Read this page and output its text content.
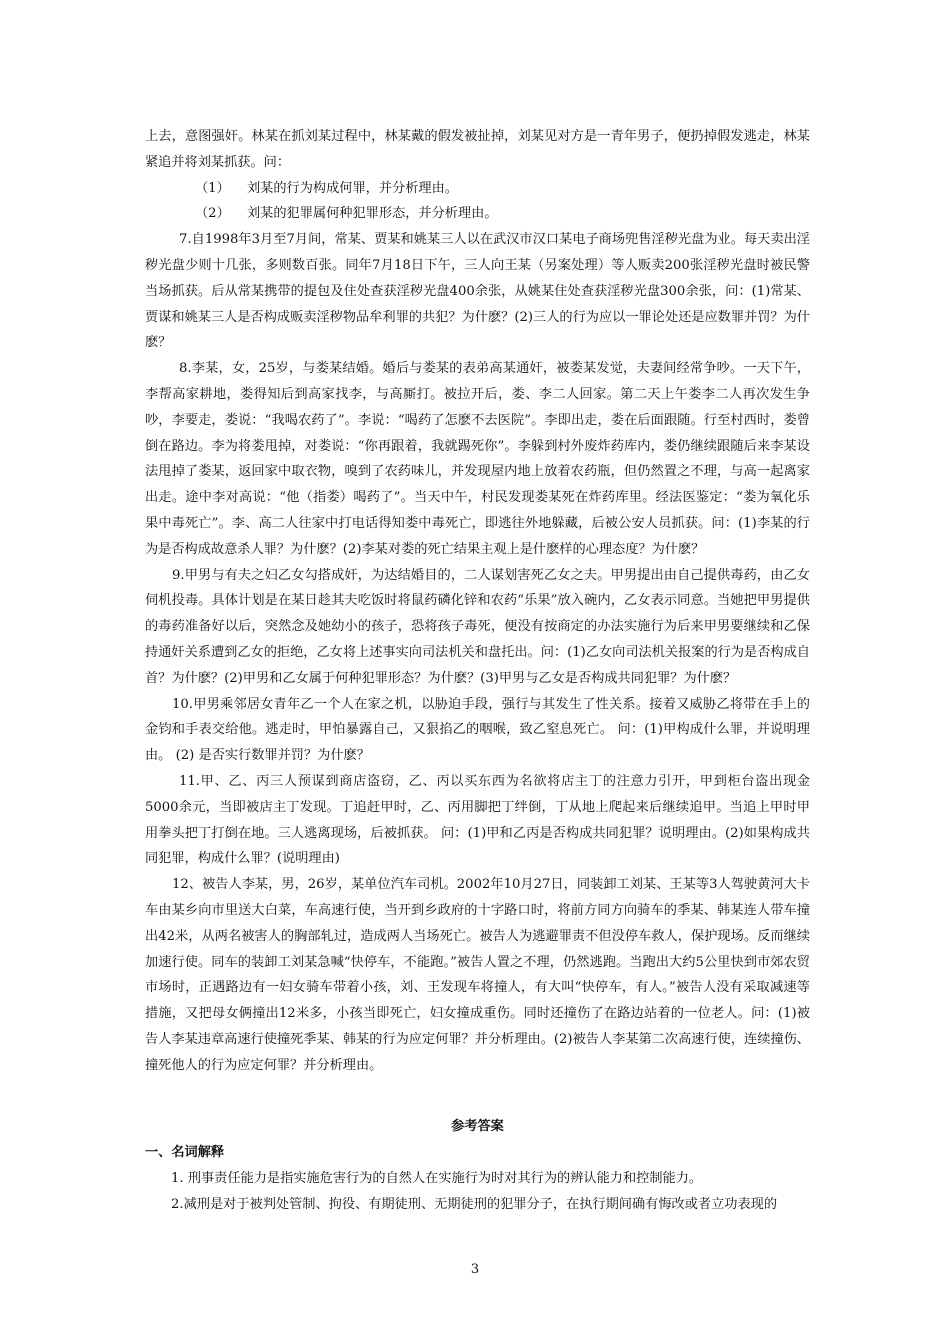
上去，意图强奸。林某在抓刘某过程中，林某戴的假发被扯掉，刘某见对方是一青年男子，便扔掉假发逃走，林某紧追并将刘某抓获。问：

（1） 刘某的行为构成何罪，并分析理由。

（2） 刘某的犯罪属何种犯罪形态，并分析理由。

7.自1998年3月至7月间，常某、贾某和姚某三人以在武汉市汉口某电子商场兜售淫秽光盘为业。每天卖出淫秽光盘少则十几张，多则数百张。同年7月18日下午，三人向王某（另案处理）等人贩卖200张淫秽光盘时被民警当场抓获。后从常某携带的提包及住处查获淫秽光盘400余张，从姚某住处查获淫秽光盘300余张，问：(1)常某、贾谋和姚某三人是否构成贩卖淫秽物品牟利罪的共犯？为什麽？(2)三人的行为应以一罪论处还是应数罪并罚？为什麽？

8.李某，女，25岁，与娄某结婚。婚后与娄某的表弟高某通奸，被娄某发觉，夫妻间经常争吵。一天下午，李帮高家耕地，娄得知后到高家找李，与高厮打。被拉开后，娄、李二人回家。第二天上午娄李二人再次发生争吵，李要走，娄说：“我喝农药了”。李说：“喝药了怎麽不去医院”。李即出走，娄在后面跟随。行至村西时，娄曾倒在路边。李为将娄甩掉，对娄说：“你再跟着，我就踢死你”。李躲到村外废炸药库内，娄仍继续跟随后来李某设法甩掉了娄某，返回家中取衣物，嗅到了农药味儿，并发现屋内地上放着农药瓶，但仍然置之不理，与高一起离家出走。途中李对高说：“他（指娄）喝药了”。当天中午，村民发现娄某死在炸药库里。经法医鉴定：“娄为氧化乐果中毒死亡”。李、高二人往家中打电话得知娄中毒死亡，即逃往外地躲藏，后被公安人员抓获。问：(1)李某的行为是否构成故意杀人罪？为什麽？(2)李某对娄的死亡结果主观上是什麽样的心理态度？为什麽？

9.甲男与有夫之妇乙女勾搭成奸，为达结婚目的，二人谋划害死乙女之夫。甲男提出由自己提供毒药，由乙女伺机投毒。具体计划是在某日趁其夫吃饭时将鼠药磷化锌和农药“乐果”放入碗内，乙女表示同意。当她把甲男提供的毒药准备好以后，突然念及她幼小的孩子，恐将孩子毒死，便没有按商定的办法实施行为后来甲男要继续和乙保持通奸关系遭到乙女的拒绝，乙女将上述事实向司法机关和盘托出。问：(1)乙女向司法机关报案的行为是否构成自首？为什麽？(2)甲男和乙女属于何种犯罪形态？为什麽？(3)甲男与乙女是否构成共同犯罪？为什麽？

10.甲男乘邻居女青年乙一个人在家之机，以胁迫手段，强行与其发生了性关系。接着又威胁乙将带在手上的金钧和手表交给他。逃走时，甲怕暴露自己，又狠掐乙的咽喉，致乙窒息死亡。 问：(1)甲构成什么罪，并说明理由。 (2) 是否实行数罪并罚？为什麽？

11.甲、乙、丙三人预谋到商店盗窃，乙、丙以买东西为名欲将店主丁的注意力引开，甲到柜台盗出现金5000余元，当即被店主丁发现。丁追赶甲时，乙、丙用脚把丁绊倒，丁从地上爬起来后继续追甲。当追上甲时甲用拳头把丁打倒在地。三人逃离现场，后被抓获。 问：(1)甲和乙丙是否构成共同犯罪？说明理由。(2)如果构成共同犯罪，构成什么罪？(说明理由)

12、被告人李某，男，26岁，某单位汽车司机。2002年10月27日，同装卸工刘某、王某等3人驾驶黄河大卡车由某乡向市里送大白菜，车高速行使，当开到乡政府的十字路口时，将前方同方向骑车的季某、韩某连人带车撞出42米，从两名被害人的胸部轧过，造成两人当场死亡。被告人为逃避罪责不但没停车救人，保护现场。反而继续加速行使。同车的装卸工刘某急喊“快停车，不能跑。”被告人置之不理，仍然逃跑。当跑出大约5公里快到市郊农贸市场时，正遇路边有一妇女骑车带着小孩，刘、王发现车将撞人，有大叫“快停车，有人。”被告人没有采取减速等措施，又把母女俩撞出12米多，小孩当即死亡，妇女撞成重伤。同时还撞伤了在路边站着的一位老人。问：(1)被告人李某违章高速行使撞死季某、韩某的行为应定何罪？并分析理由。(2)被告人李某第二次高速行使，连续撞伤、撞死他人的行为应定何罪？并分析理由。

参考答案

一、名词解释

1. 刑事责任能力是指实施危害行为的自然人在实施行为时对其行为的辨认能力和控制能力。

2.减刑是对于被判处管制、拘役、有期徒刑、无期徒刑的犯罪分子，在执行期间确有悔改或者立功表现的

3
